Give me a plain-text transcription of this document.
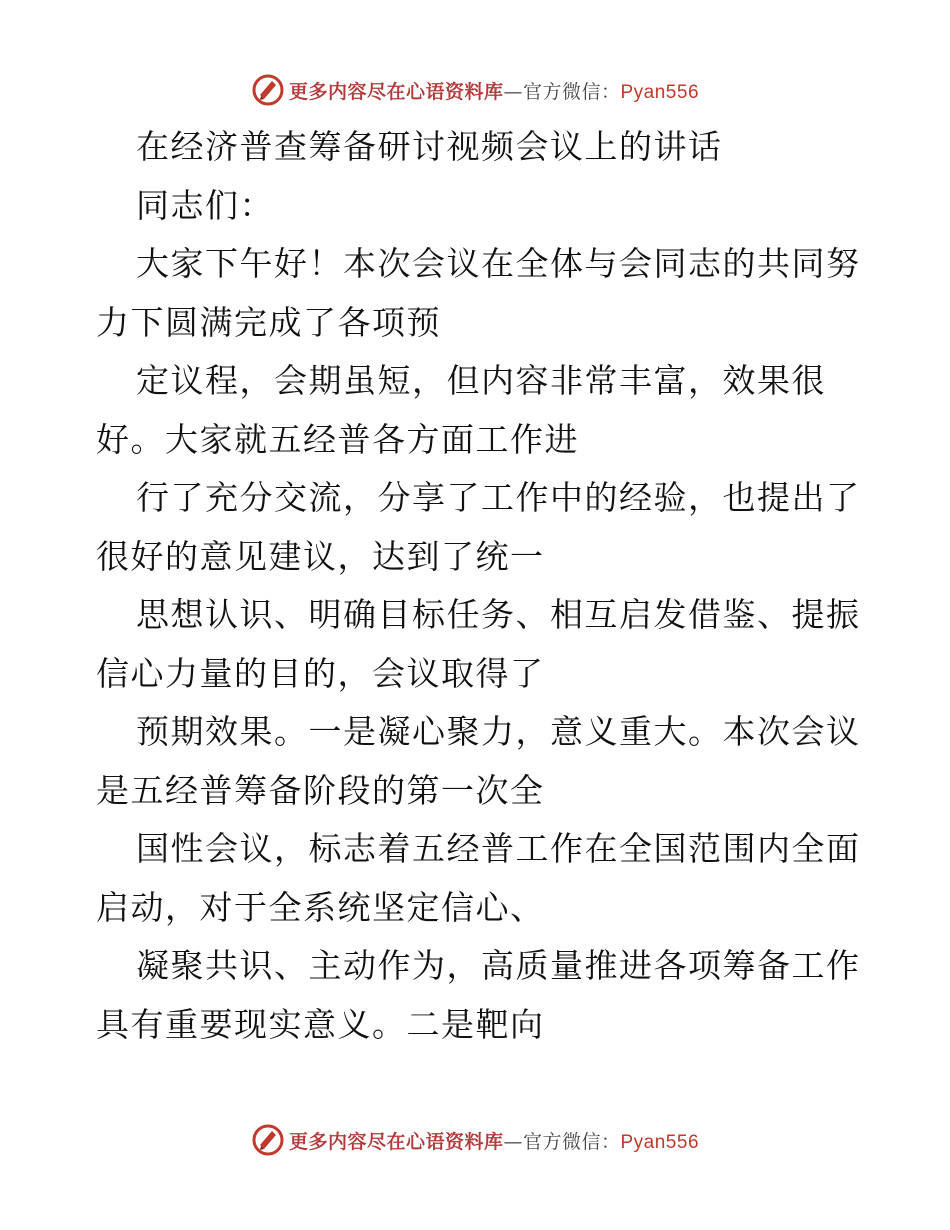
更多内容尽在心语资料库—官方微信：Pyan556
在经济普查筹备研讨视频会议上的讲话
同志们：
大家下午好！本次会议在全体与会同志的共同努
力下圆满完成了各项预
定议程，会期虽短，但内容非常丰富，效果很
好。大家就五经普各方面工作进
行了充分交流，分享了工作中的经验，也提出了
很好的意见建议，达到了统一
思想认识、明确目标任务、相互启发借鉴、提振
信心力量的目的，会议取得了
预期效果。一是凝心聚力，意义重大。本次会议
是五经普筹备阶段的第一次全
国性会议，标志着五经普工作在全国范围内全面
启动，对于全系统坚定信心、
凝聚共识、主动作为，高质量推进各项筹备工作
具有重要现实意义。二是靶向
更多内容尽在心语资料库—官方微信：Pyan556
